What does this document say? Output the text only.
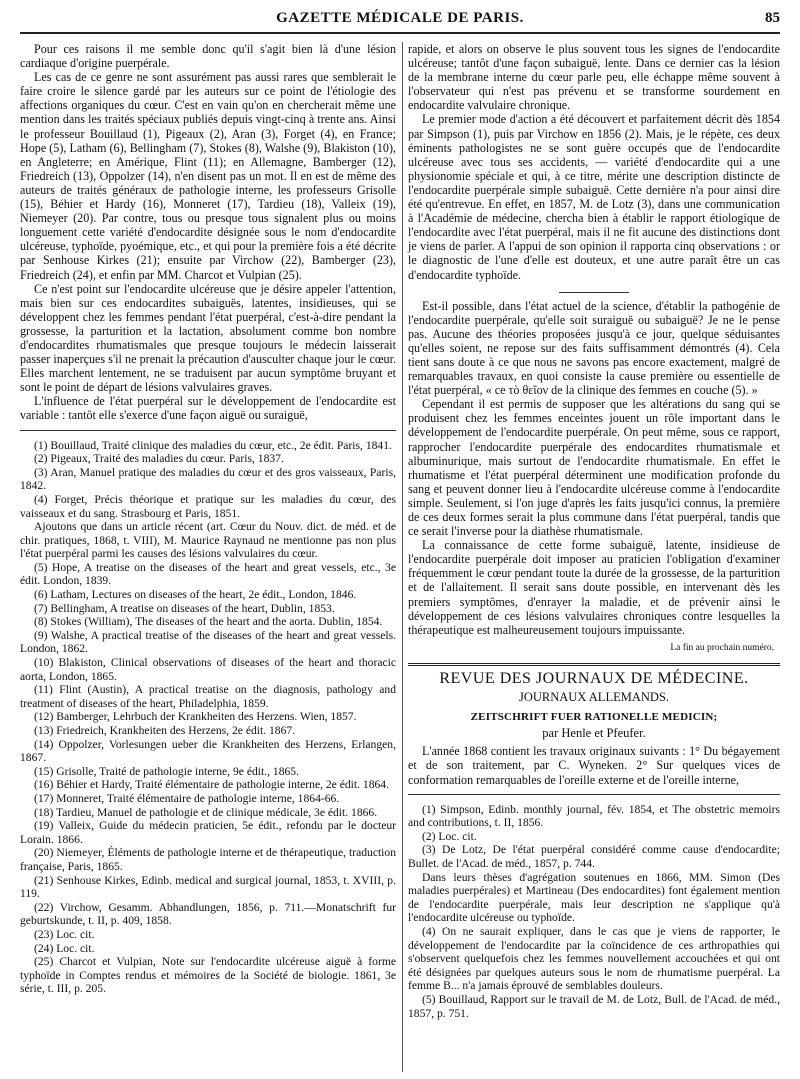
GAZETTE MÉDICALE DE PARIS.	85

Pour ces raisons il me semble donc qu'il s'agit bien là d'une lésion cardiaque d'origine puerpérale.

Les cas de ce genre ne sont assurément pas aussi rares que semblerait le faire croire le silence gardé par les auteurs sur ce point de l'étiologie des affections organiques du cœur. C'est en vain qu'on en chercherait même une mention dans les traités spéciaux publiés depuis vingt-cinq à trente ans. Ainsi le professeur Bouillaud (1), Pigeaux (2), Aran (3), Forget (4), en France; Hope (5), Latham (6), Bellingham (7), Stokes (8), Walshe (9), Blakiston (10), en Angleterre; en Amérique, Flint (11); en Allemagne, Bamberger (12), Friedreich (13), Oppolzer (14), n'en disent pas un mot. Il en est de même des auteurs de traités généraux de pathologie interne, les professeurs Grisolle (15), Béhier et Hardy (16), Monneret (17), Tardieu (18), Valleix (19), Niemeyer (20). Par contre, tous ou presque tous signalent plus ou moins longuement cette variété d'endocardite désignée sous le nom d'endocardite ulcéreuse, typhoïde, pyoémique, etc., et qui pour la première fois a été décrite par Senhouse Kirkes (21); ensuite par Virchow (22), Bamberger (23), Friedreich (24), et enfin par MM. Charcot et Vulpian (25).

Ce n'est point sur l'endocardite ulcéreuse que je désire appeler l'attention, mais bien sur ces endocardites subaiguës, latentes, insidieuses, qui se développent chez les femmes pendant l'état puerpéral, c'est-à-dire pendant la grossesse, la parturition et la lactation, absolument comme bon nombre d'endocardites rhumatismales que presque toujours le médecin laisserait passer inaperçues s'il ne prenait la précaution d'ausculter chaque jour le cœur. Elles marchent lentement, ne se traduisent par aucun symptôme bruyant et sont le point de départ de lésions valvulaires graves.

L'influence de l'état puerpéral sur le développement de l'endocardite est variable : tantôt elle s'exerce d'une façon aiguë ou suraiguë,

(1) Bouillaud, Traité clinique des maladies du cœur, etc., 2e édit. Paris, 1841.

(2) Pigeaux, Traité des maladies du cœur. Paris, 1837.

(3) Aran, Manuel pratique des maladies du cœur et des gros vaisseaux, Paris, 1842.

(4) Forget, Précis théorique et pratique sur les maladies du cœur, des vaisseaux et du sang. Strasbourg et Paris, 1851.

Ajoutons que dans un article récent (art. Cœur du Nouv. dict. de méd. et de chir. pratiques, 1868, t. VIII), M. Maurice Raynaud ne mentionne pas non plus l'état puerpéral parmi les causes des lésions valvulaires du cœur.

(5) Hope, A treatise on the diseases of the heart and great vessels, etc., 3e édit. London, 1839.

(6) Latham, Lectures on diseases of the heart, 2e édit., London, 1846.

(7) Bellingham, A treatise on diseases of the heart, Dublin, 1853.

(8) Stokes (William), The diseases of the heart and the aorta. Dublin, 1854.

(9) Walshe, A practical treatise of the diseases of the heart and great vessels. London, 1862.

(10) Blakiston, Clinical observations of diseases of the heart and thoracic aorta, London, 1865.

(11) Flint (Austin), A practical treatise on the diagnosis, pathology and treatment of diseases of the heart, Philadelphia, 1859.

(12) Bamberger, Lehrbuch der Krankheiten des Herzens. Wien, 1857.

(13) Friedreich, Krankheiten des Herzens, 2e édit. 1867.

(14) Oppolzer, Vorlesungen ueber die Krankheiten des Herzens, Erlangen, 1867.

(15) Grisolle, Traité de pathologie interne, 9e édit., 1865.

(16) Béhier et Hardy, Traité élémentaire de pathologie interne, 2e édit. 1864.

(17) Monneret, Traité élémentaire de pathologie interne, 1864-66.

(18) Tardieu, Manuel de pathologie et de clinique médicale, 3e édit. 1866.

(19) Valleix, Guide du médecin praticien, 5e édit., refondu par le docteur Lorain. 1866.

(20) Niemeyer, Éléments de pathologie interne et de thérapeutique, traduction française, Paris, 1865.

(21) Senhouse Kirkes, Edinb. medical and surgical journal, 1853, t. XVIII, p. 119.

(22) Virchow, Gesamm. Abhandlungen, 1856, p. 711.—Monatschrift fur geburtskunde, t. II, p. 409, 1858.

(23) Loc. cit.

(24) Loc. cit.

(25) Charcot et Vulpian, Note sur l'endocardite ulcéreuse aiguë à forme typhoïde in Comptes rendus et mémoires de la Société de biologie. 1861, 3e série, t. III, p. 205.

rapide, et alors on observe le plus souvent tous les signes de l'endocardite ulcéreuse; tantôt d'une façon subaiguë, lente. Dans ce dernier cas la lésion de la membrane interne du cœur parle peu, elle échappe même souvent à l'observateur qui n'est pas prévenu et se transforme sourdement en endocardite valvulaire chronique.

Le premier mode d'action a été découvert et parfaitement décrit dès 1854 par Simpson (1), puis par Virchow en 1856 (2). Mais, je le répète, ces deux éminents pathologistes ne se sont guère occupés que de l'endocardite ulcéreuse avec tous ses accidents, — variété d'endocardite qui a une physionomie spéciale et qui, à ce titre, mérite une description distincte de l'endocardite puerpérale simple subaiguë. Cette dernière n'a pour ainsi dire été qu'entrevue. En effet, en 1857, M. de Lotz (3), dans une communication à l'Académie de médecine, chercha bien à établir le rapport étiologique de l'endocardite avec l'état puerpéral, mais il ne fit aucune des distinctions dont je viens de parler. A l'appui de son opinion il rapporta cinq observations : or le diagnostic de l'une d'elle est douteux, et une autre paraît être un cas d'endocardite typhoïde.

Est-il possible, dans l'état actuel de la science, d'établir la pathogénie de l'endocardite puerpérale, qu'elle soit suraiguë ou subaiguë? Je ne le pense pas. Aucune des théories proposées jusqu'à ce jour, quelque séduisantes qu'elles soient, ne repose sur des faits suffisamment démontrés (4). Cela tient sans doute à ce que nous ne savons pas encore exactement, malgré de remarquables travaux, en quoi consiste la cause première ou essentielle de l'état puerpéral, « ce τò θεῖον de la clinique des femmes en couche (5). »

Cependant il est permis de supposer que les altérations du sang qui se produisent chez les femmes enceintes jouent un rôle important dans le développement de l'endocardite puerpérale. On peut même, sous ce rapport, rapprocher l'endocardite puerpérale des endocardites rhumatismale et albuminurique, mais surtout de l'endocardite rhumatismale. En effet le rhumatisme et l'état puerpéral déterminent une modification profonde du sang et peuvent donner lieu à l'endocardite ulcéreuse comme à l'endocardite simple. Seulement, si l'on juge d'après les faits jusqu'ici connus, la première de ces deux formes serait la plus commune dans l'état puerpéral, tandis que ce serait l'inverse pour la diathèse rhumatismale.

La connaissance de cette forme subaiguë, latente, insidieuse de l'endocardite puerpérale doit imposer au praticien l'obligation d'examiner fréquemment le cœur pendant toute la durée de la grossesse, de la parturition et de l'allaitement. Il serait sans doute possible, en intervenant dès les premiers symptômes, d'enrayer la maladie, et de prévenir ainsi le développement de ces lésions valvulaires chroniques contre lesquelles la thérapeutique est malheureusement toujours impuissante.

La fin au prochain numéro.
REVUE DES JOURNAUX DE MÉDECINE.
JOURNAUX ALLEMANDS.
ZEITSCHRIFT FUER RATIONELLE MEDICIN;
par Henle et Pfeufer.

L'année 1868 contient les travaux originaux suivants : 1° Du bégayement et de son traitement, par C. Wyneken. 2° Sur quelques vices de conformation remarquables de l'oreille externe et de l'oreille interne,

(1) Simpson, Edinb. monthly journal, fév. 1854, et The obstetric memoirs and contributions, t. II, 1856.

(2) Loc. cit.

(3) De Lotz, De l'état puerpéral considéré comme cause d'endocardite; Bullet. de l'Acad. de méd., 1857, p. 744.

Dans leurs thèses d'agrégation soutenues en 1866, MM. Simon (Des maladies puerpérales) et Martineau (Des endocardites) font également mention de l'endocardite puerpérale, mais leur description ne s'applique qu'à l'endocardite ulcéreuse ou typhoïde.

(4) On ne saurait expliquer, dans le cas que je viens de rapporter, le développement de l'endocardite par la coïncidence de ces arthropathies qui s'observent quelquefois chez les femmes nouvellement accouchées et qui ont été désignées par quelques auteurs sous le nom de rhumatisme puerpéral. La femme B... n'a jamais éprouvé de semblables douleurs.

(5) Bouillaud, Rapport sur le travail de M. de Lotz, Bull. de l'Acad. de méd., 1857, p. 751.
